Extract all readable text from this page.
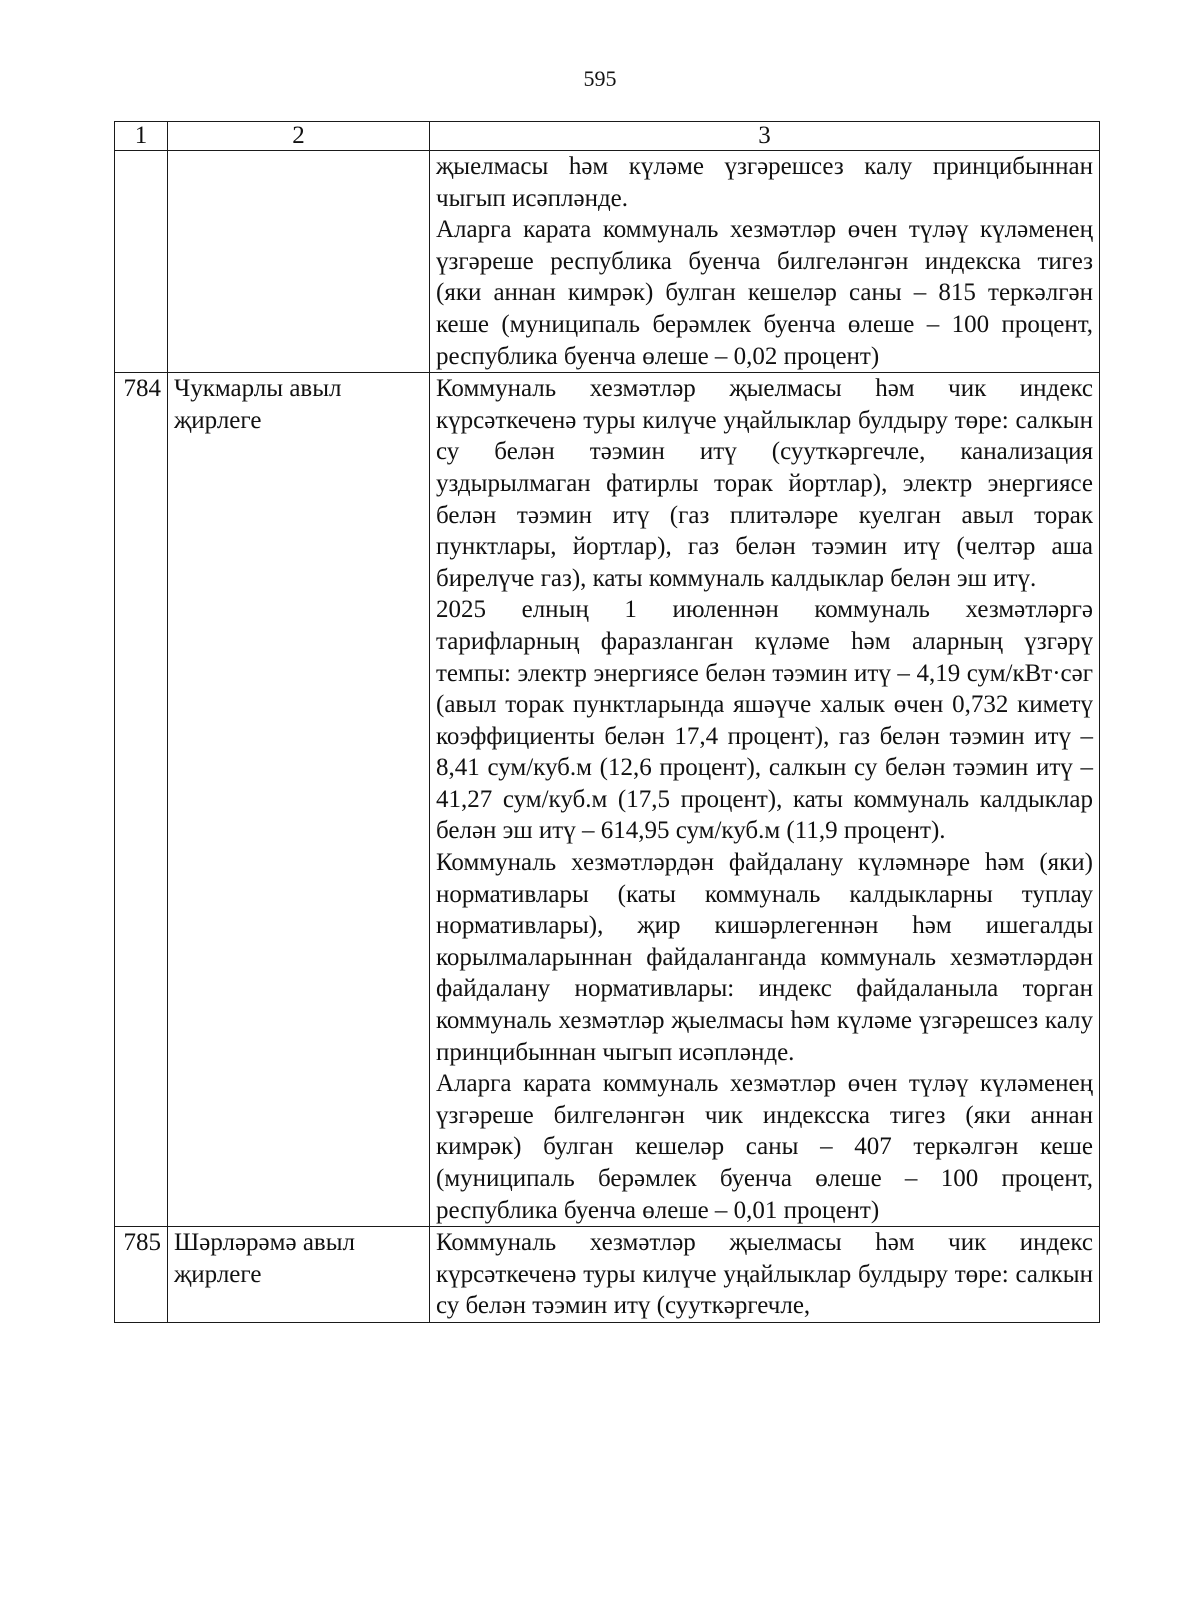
595
1	2	3

		җыелмасы һәм күләме үзгәрешсез калу принцибыннан чыгып исәпләнде.

Аларга карата коммуналь хезмәтләр өчен түләү күләменең үзгәреше республика буенча билгеләнгән индекска тигез (яки аннан кимрәк) булган кешеләр саны – 815 теркәлгән кеше (муниципаль берәмлек буенча өлеше – 100 процент, республика буенча өлеше – 0,02 процент)

784	Чукмарлы авыл җирлеге	Коммуналь хезмәтләр җыелмасы һәм чик индекс күрсәткеченә туры килүче уңайлыклар булдыру төре: салкын су белән тәэмин итү (сууткәргечле, канализация уздырылмаган фатирлы торак йортлар), электр энергиясе белән тәэмин итү (газ плитәләре куелган авыл торак пунктлары, йортлар), газ белән тәэмин итү (челтәр аша бирелүче газ), каты коммуналь калдыклар белән эш итү.

2025 елның 1 июленнән коммуналь хезмәтләргә тарифларның фаразланган күләме һәм аларның үзгәрү темпы: электр энергиясе белән тәэмин итү – 4,19 сум/кВт·сәг (авыл торак пунктларында яшәүче халык өчен 0,732 киметү коэффициенты белән 17,4 процент), газ белән тәэмин итү – 8,41 сум/куб.м (12,6 процент), салкын су белән тәэмин итү – 41,27 сум/куб.м (17,5 процент), каты коммуналь калдыклар белән эш итү – 614,95 сум/куб.м (11,9 процент).

Коммуналь хезмәтләрдән файдалану күләмнәре һәм (яки) нормативлары (каты коммуналь калдыкларны туплау нормативлары), җир кишәрлегеннән һәм ишегалды корылмаларыннан файдаланганда коммуналь хезмәтләрдән файдалану нормативлары: индекс файдаланыла торган коммуналь хезмәтләр җыелмасы һәм күләме үзгәрешсез калу принцибыннан чыгып исәпләнде.

Аларга карата коммуналь хезмәтләр өчен түләү күләменең үзгәреше билгеләнгән чик индексска тигез (яки аннан кимрәк) булган кешеләр саны – 407 теркәлгән кеше (муниципаль берәмлек буенча өлеше – 100 процент, республика буенча өлеше – 0,01 процент)

785	Шәрләрәмә авыл җирлеге	Коммуналь хезмәтләр җыелмасы һәм чик индекс күрсәткеченә туры килүче уңайлыклар булдыру төре: салкын су белән тәэмин итү (сууткәргечле,
